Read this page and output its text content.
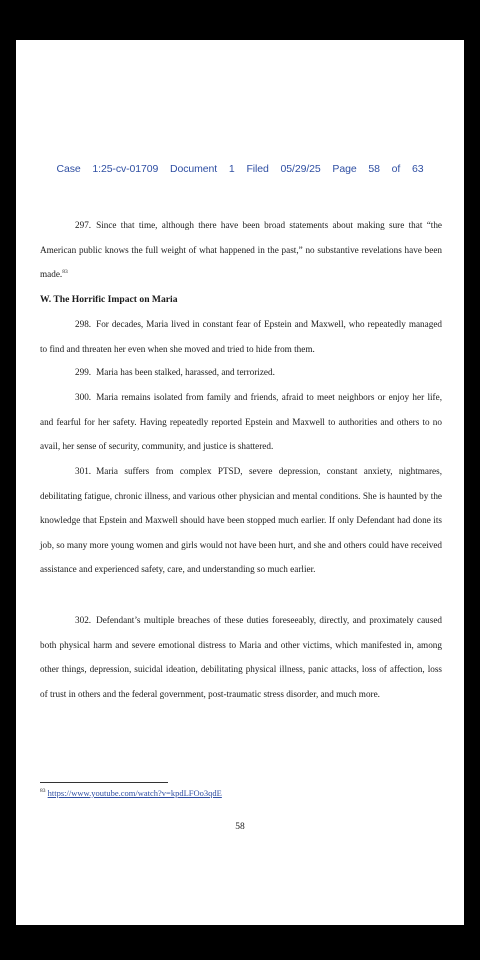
Case 1:25-cv-01709 Document 1 Filed 05/29/25 Page 58 of 63

297. Since that time, although there have been broad statements about making sure that “the American public knows the full weight of what happened in the past,” no substantive revelations have been made.$^{83}$

W. The Horrific Impact on Maria

298. For decades, Maria lived in constant fear of Epstein and Maxwell, who repeatedly managed to find and threaten her even when she moved and tried to hide from them.

299. Maria has been stalked, harassed, and terrorized.

300. Maria remains isolated from family and friends, afraid to meet neighbors or enjoy her life, and fearful for her safety. Having repeatedly reported Epstein and Maxwell to authorities and others to no avail, her sense of security, community, and justice is shattered.

301. Maria suffers from complex PTSD, severe depression, constant anxiety, nightmares, debilitating fatigue, chronic illness, and various other physician and mental conditions. She is haunted by the knowledge that Epstein and Maxwell should have been stopped much earlier. If only Defendant had done its job, so many more young women and girls would not have been hurt, and she and others could have received assistance and experienced safety, care, and understanding so much earlier.

302. Defendant’s multiple breaches of these duties foreseeably, directly, and proximately caused both physical harm and severe emotional distress to Maria and other victims, which manifested in, among other things, depression, suicidal ideation, debilitating physical illness, panic attacks, loss of affection, loss of trust in others and the federal government, post-traumatic stress disorder, and much more.

$^{83}$ https://www.youtube.com/watch?v=kpdLFOo3qdE
58
